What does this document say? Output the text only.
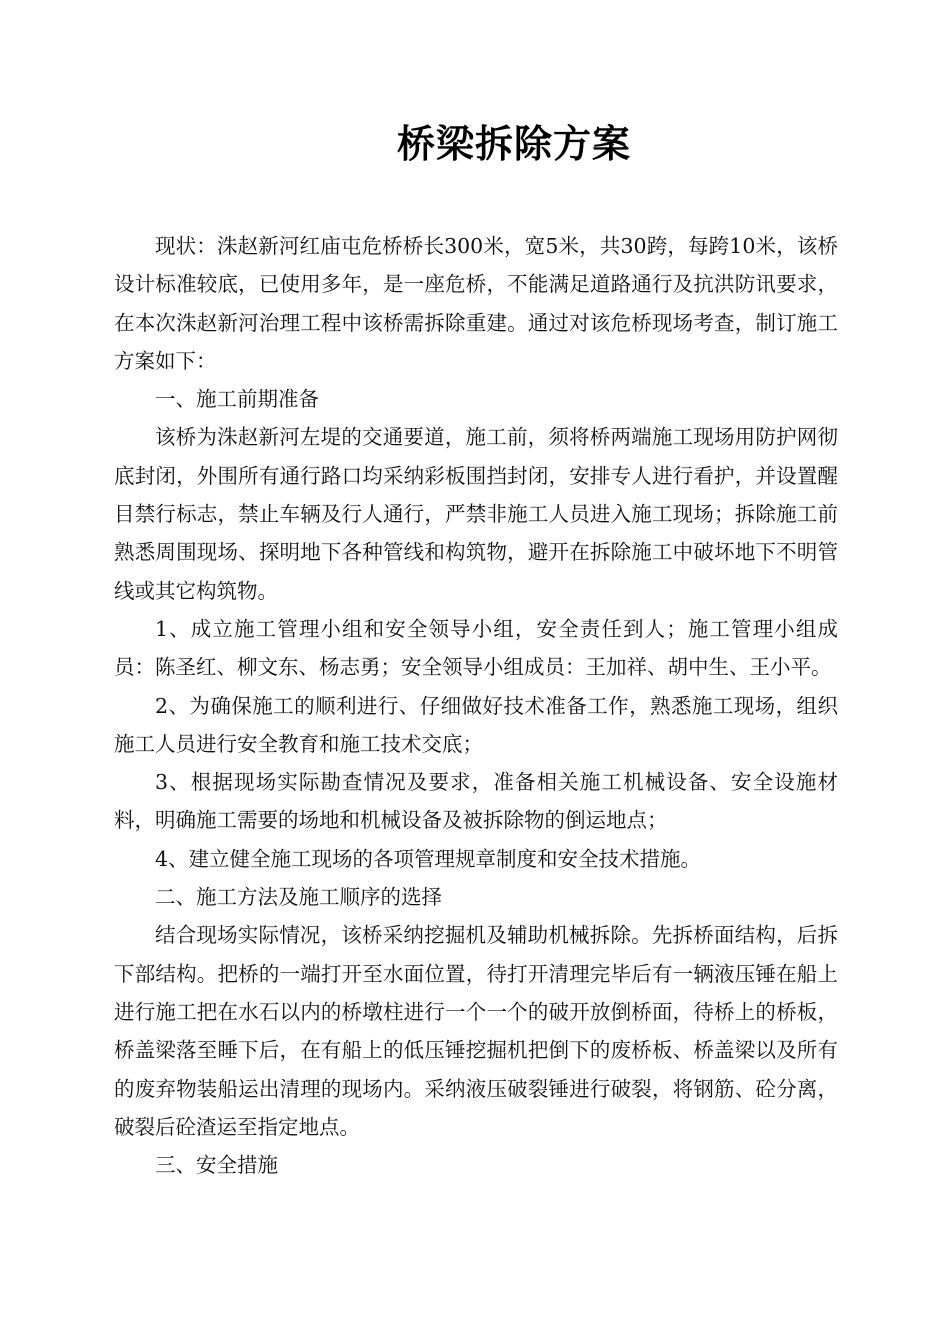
桥梁拆除方案

现状：洙赵新河红庙屯危桥桥长300米，宽5米，共30跨，每跨10米，该桥设计标准较底，已使用多年，是一座危桥，不能满足道路通行及抗洪防讯要求，在本次洙赵新河治理工程中该桥需拆除重建。通过对该危桥现场考查，制订施工方案如下：

一、施工前期准备

该桥为洙赵新河左堤的交通要道，施工前，须将桥两端施工现场用防护网彻底封闭，外围所有通行路口均采纳彩板围挡封闭，安排专人进行看护，并设置醒目禁行标志，禁止车辆及行人通行，严禁非施工人员进入施工现场；拆除施工前熟悉周围现场、探明地下各种管线和构筑物，避开在拆除施工中破坏地下不明管线或其它构筑物。

1、成立施工管理小组和安全领导小组，安全责任到人；施工管理小组成员：陈圣红、柳文东、杨志勇；安全领导小组成员：王加祥、胡中生、王小平。

2、为确保施工的顺利进行、仔细做好技术准备工作，熟悉施工现场，组织施工人员进行安全教育和施工技术交底；

3、根据现场实际勘查情况及要求，准备相关施工机械设备、安全设施材料，明确施工需要的场地和机械设备及被拆除物的倒运地点；

4、建立健全施工现场的各项管理规章制度和安全技术措施。

二、施工方法及施工顺序的选择

结合现场实际情况，该桥采纳挖掘机及辅助机械拆除。先拆桥面结构，后拆下部结构。把桥的一端打开至水面位置，待打开清理完毕后有一辆液压锤在船上进行施工把在水石以内的桥墩柱进行一个一个的破开放倒桥面，待桥上的桥板，桥盖梁落至睡下后，在有船上的低压锤挖掘机把倒下的废桥板、桥盖梁以及所有的废弃物装船运出清理的现场内。采纳液压破裂锤进行破裂，将钢筋、砼分离，破裂后砼渣运至指定地点。

三、安全措施
